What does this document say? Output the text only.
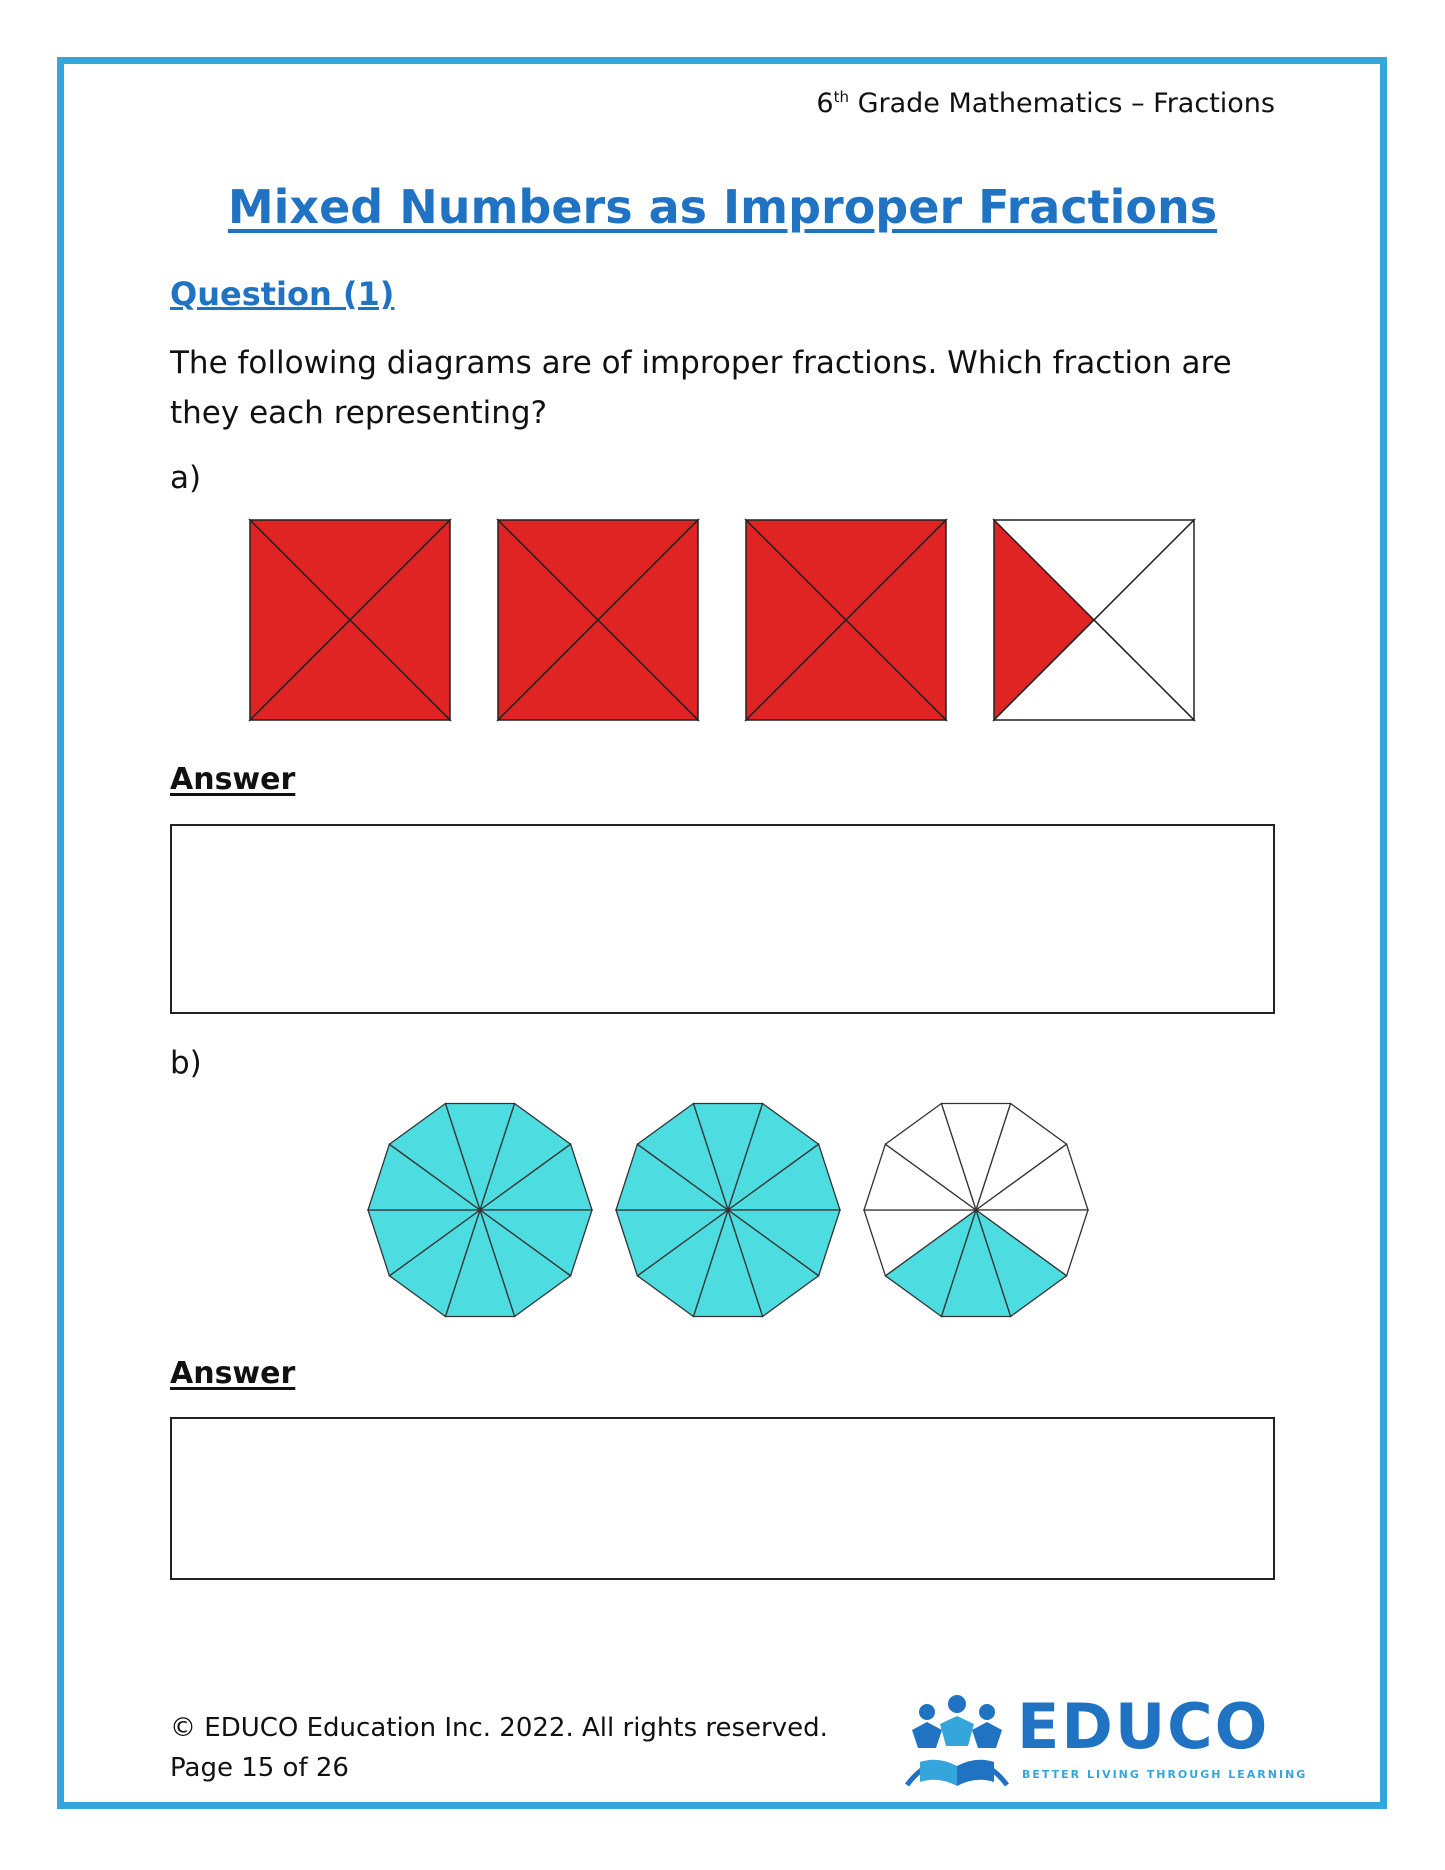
6th Grade Mathematics – Fractions
Mixed Numbers as Improper Fractions
Question (1)
The following diagrams are of improper fractions. Which fraction are they each representing?
a)
Answer
b)
Answer
© EDUCO Education Inc. 2022. All rights reserved.
Page 15 of 26
EDUCO
BETTER LIVING THROUGH LEARNING
